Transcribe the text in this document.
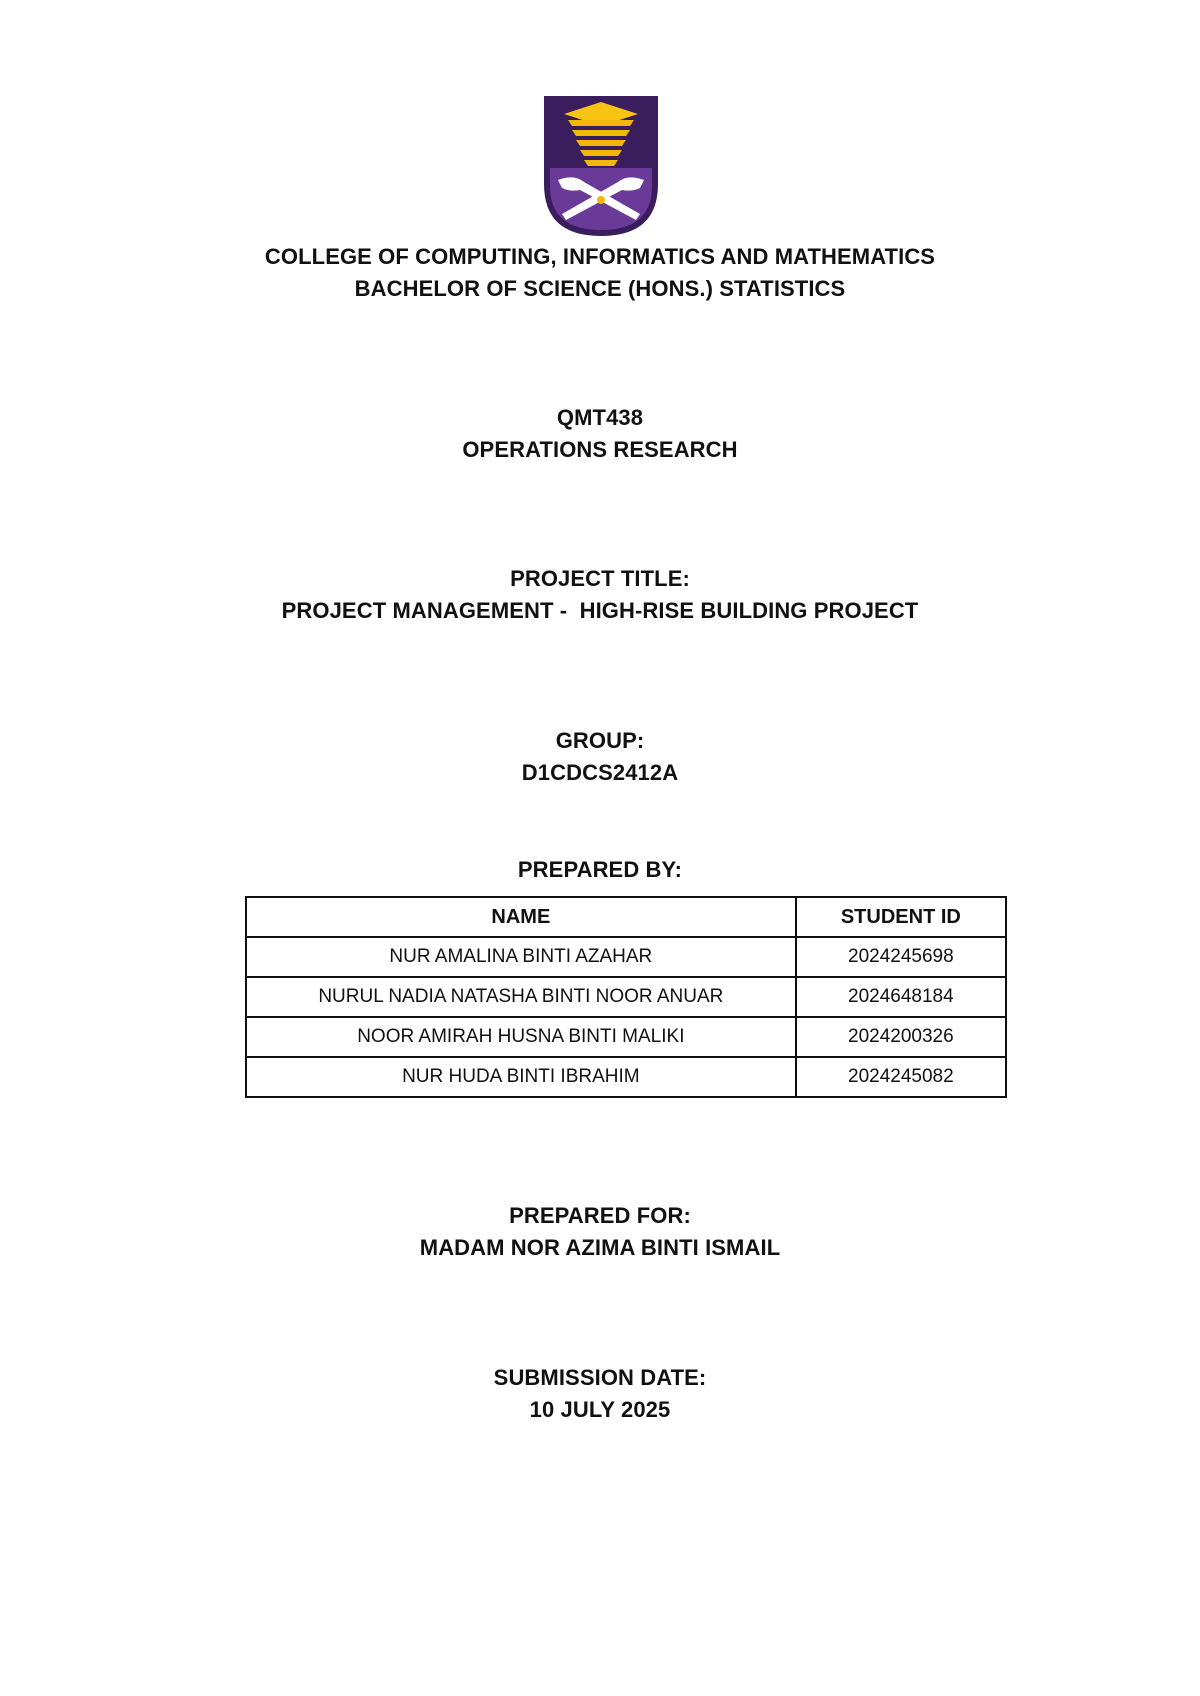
COLLEGE OF COMPUTING, INFORMATICS AND MATHEMATICS
BACHELOR OF SCIENCE (HONS.) STATISTICS
QMT438
OPERATIONS RESEARCH
PROJECT TITLE:
PROJECT MANAGEMENT -  HIGH-RISE BUILDING PROJECT
GROUP:
D1CDCS2412A
PREPARED BY:
NAME	STUDENT ID
NUR AMALINA BINTI AZAHAR	2024245698
NURUL NADIA NATASHA BINTI NOOR ANUAR	2024648184
NOOR AMIRAH HUSNA BINTI MALIKI	2024200326
NUR HUDA BINTI IBRAHIM	2024245082
PREPARED FOR:
MADAM NOR AZIMA BINTI ISMAIL
SUBMISSION DATE:
10 JULY 2025
